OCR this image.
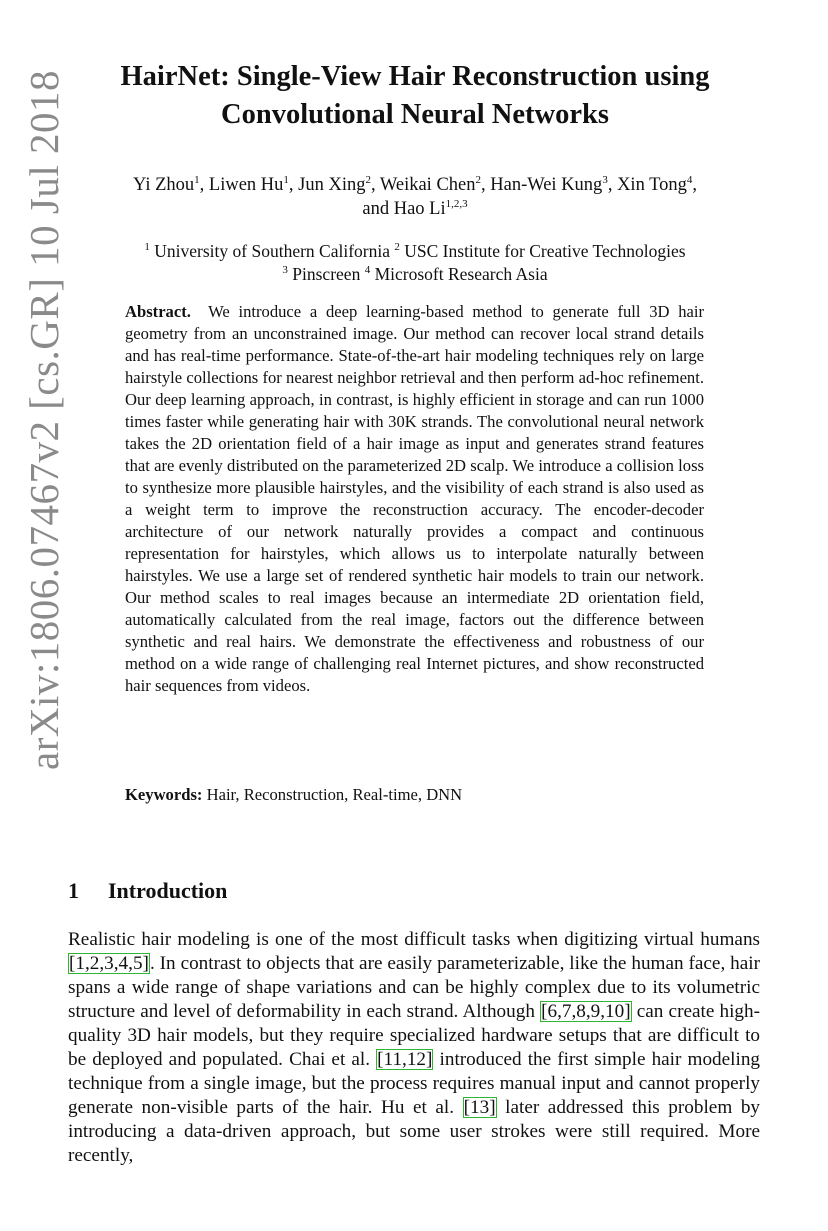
arXiv:1806.07467v2 [cs.GR] 10 Jul 2018	HairNet: Single-View Hair Reconstruction using
Convolutional Neural Networks
Yi Zhou$^1$, Liwen Hu$^1$, Jun Xing$^2$, Weikai Chen$^2$, Han-Wei Kung$^3$, Xin Tong$^4$,
and Hao Li$^{1,2,3}$
$^1$ University of Southern California $^2$ USC Institute for Creative Technologies
$^3$ Pinscreen $^4$ Microsoft Research Asia
Abstract. We introduce a deep learning-based method to generate full 3D hair geometry from an unconstrained image. Our method can recover local strand details and has real-time performance. State-of-the-art hair modeling techniques rely on large hairstyle collections for nearest neighbor retrieval and then perform ad-hoc refinement. Our deep learning approach, in contrast, is highly efficient in storage and can run 1000 times faster while generating hair with 30K strands. The convolutional neural network takes the 2D orientation field of a hair image as input and generates strand features that are evenly distributed on the parameterized 2D scalp. We introduce a collision loss to synthesize more plausible hairstyles, and the visibility of each strand is also used as a weight term to improve the reconstruction accuracy. The encoder-decoder architecture of our network naturally provides a compact and continuous representation for hairstyles, which allows us to interpolate naturally between hairstyles. We use a large set of rendered synthetic hair models to train our network. Our method scales to real images because an intermediate 2D orientation field, automatically calculated from the real image, factors out the difference between synthetic and real hairs. We demonstrate the effectiveness and robustness of our method on a wide range of challenging real Internet pictures, and show reconstructed hair sequences from videos.
Keywords: Hair, Reconstruction, Real-time, DNN
1 Introduction
Realistic hair modeling is one of the most difficult tasks when digitizing virtual humans [1,2,3,4,5]. In contrast to objects that are easily parameterizable, like the human face, hair spans a wide range of shape variations and can be highly complex due to its volumetric structure and level of deformability in each strand. Although [6,7,8,9,10] can create high-quality 3D hair models, but they require specialized hardware setups that are difficult to be deployed and populated. Chai et al. [11,12] introduced the first simple hair modeling technique from a single image, but the process requires manual input and cannot properly generate non-visible parts of the hair. Hu et al. [13] later addressed this problem by introducing a data-driven approach, but some user strokes were still required. More recently,
